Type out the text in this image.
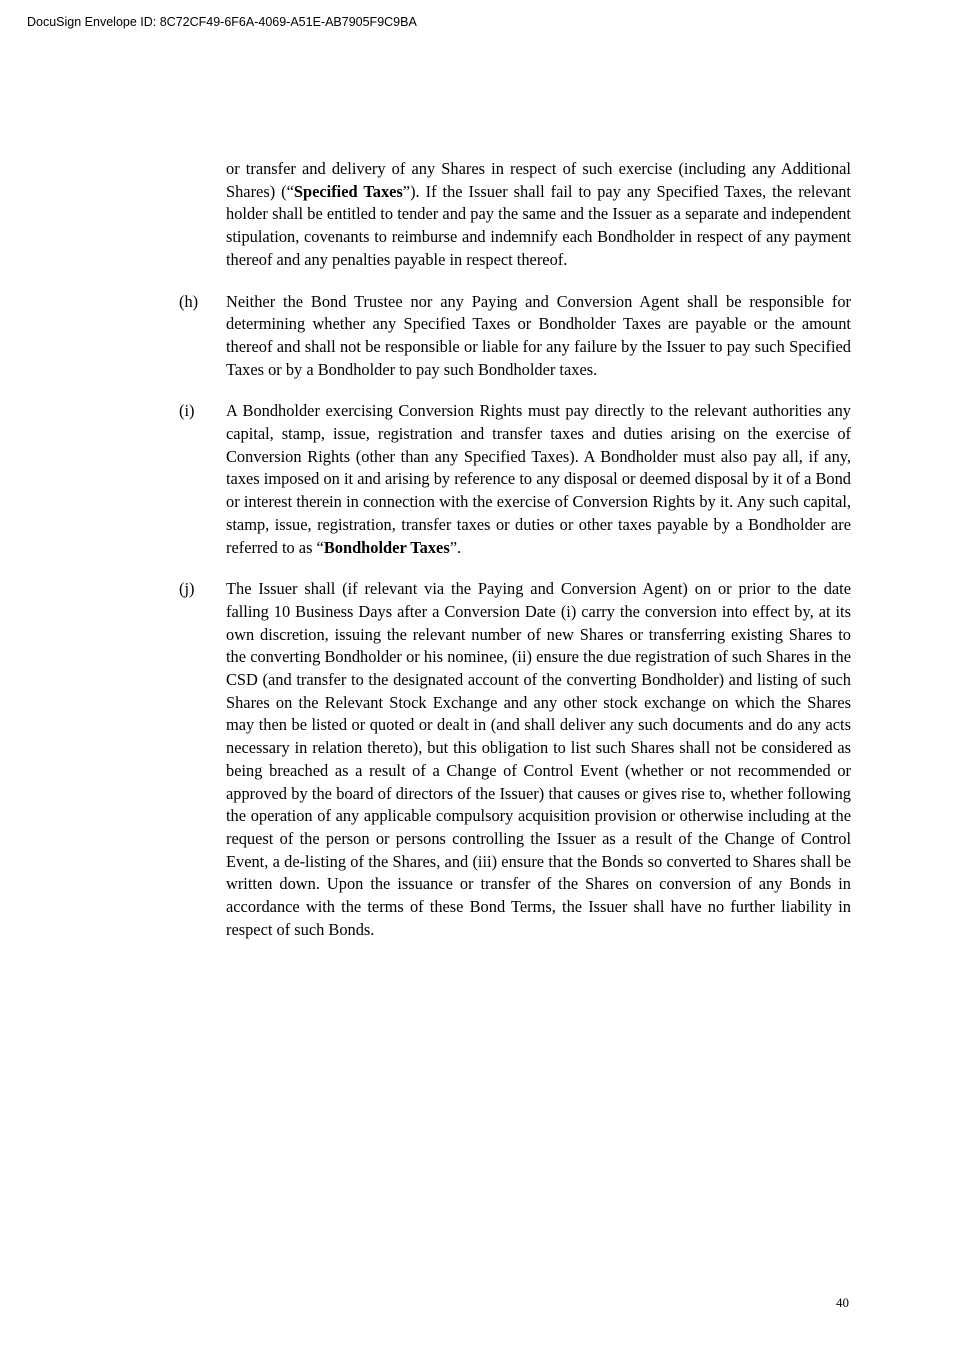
DocuSign Envelope ID: 8C72CF49-6F6A-4069-A51E-AB7905F9C9BA

or transfer and delivery of any Shares in respect of such exercise (including any Additional Shares) (“Specified Taxes”). If the Issuer shall fail to pay any Specified Taxes, the relevant holder shall be entitled to tender and pay the same and the Issuer as a separate and independent stipulation, covenants to reimburse and indemnify each Bondholder in respect of any payment thereof and any penalties payable in respect thereof.

(h) Neither the Bond Trustee nor any Paying and Conversion Agent shall be responsible for determining whether any Specified Taxes or Bondholder Taxes are payable or the amount thereof and shall not be responsible or liable for any failure by the Issuer to pay such Specified Taxes or by a Bondholder to pay such Bondholder taxes.

(i) A Bondholder exercising Conversion Rights must pay directly to the relevant authorities any capital, stamp, issue, registration and transfer taxes and duties arising on the exercise of Conversion Rights (other than any Specified Taxes). A Bondholder must also pay all, if any, taxes imposed on it and arising by reference to any disposal or deemed disposal by it of a Bond or interest therein in connection with the exercise of Conversion Rights by it. Any such capital, stamp, issue, registration, transfer taxes or duties or other taxes payable by a Bondholder are referred to as “Bondholder Taxes”.

(j) The Issuer shall (if relevant via the Paying and Conversion Agent) on or prior to the date falling 10 Business Days after a Conversion Date (i) carry the conversion into effect by, at its own discretion, issuing the relevant number of new Shares or transferring existing Shares to the converting Bondholder or his nominee, (ii) ensure the due registration of such Shares in the CSD (and transfer to the designated account of the converting Bondholder) and listing of such Shares on the Relevant Stock Exchange and any other stock exchange on which the Shares may then be listed or quoted or dealt in (and shall deliver any such documents and do any acts necessary in relation thereto), but this obligation to list such Shares shall not be considered as being breached as a result of a Change of Control Event (whether or not recommended or approved by the board of directors of the Issuer) that causes or gives rise to, whether following the operation of any applicable compulsory acquisition provision or otherwise including at the request of the person or persons controlling the Issuer as a result of the Change of Control Event, a de-listing of the Shares, and (iii) ensure that the Bonds so converted to Shares shall be written down. Upon the issuance or transfer of the Shares on conversion of any Bonds in accordance with the terms of these Bond Terms, the Issuer shall have no further liability in respect of such Bonds.

40
